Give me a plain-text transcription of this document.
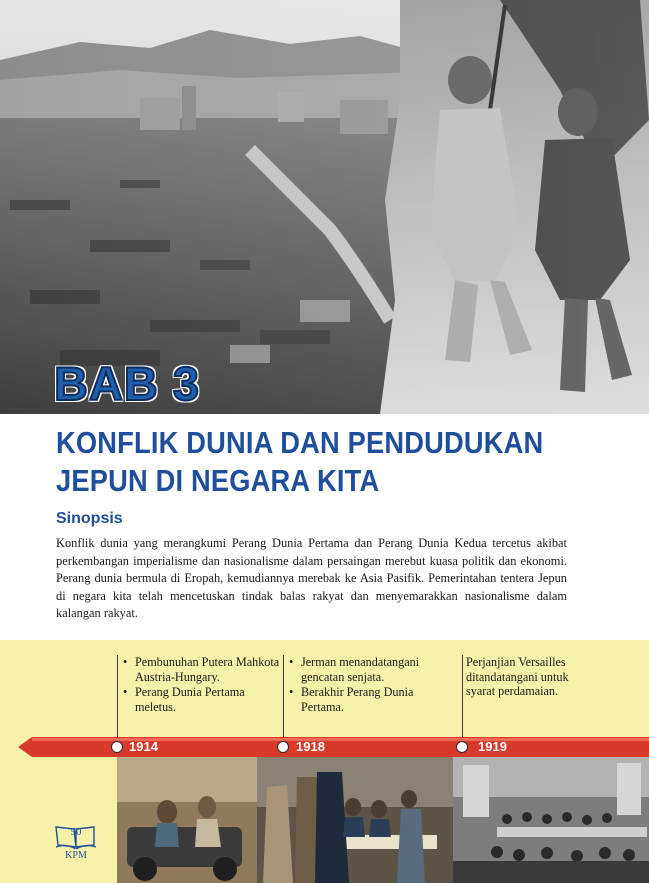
BAB 3
KONFLIK DUNIA DAN PENDUDUKAN
JEPUN DI NEGARA KITA
Sinopsis

Konflik dunia yang merangkumi Perang Dunia Pertama dan Perang Dunia Kedua tercetus akibat perkembangan imperialisme dan nasionalisme dalam persaingan merebut kuasa politik dan ekonomi. Perang dunia bermula di Eropah, kemudiannya merebak ke Asia Pasifik. Pemerintahan tentera Jepun di negara kita telah mencetuskan tindak balas rakyat dan menyemarakkan nasionalisme dalam kalangan rakyat.

• Pembunuhan Putera Mahkota Austria-Hungary.
• Perang Dunia Pertama meletus.
• Jerman menandatangani gencatan senjata.
• Berakhir Perang Dunia Pertama.
Perjanjian Versailles ditandatangani untuk syarat perdamaian.
1914	1918	1919
50
KPM
